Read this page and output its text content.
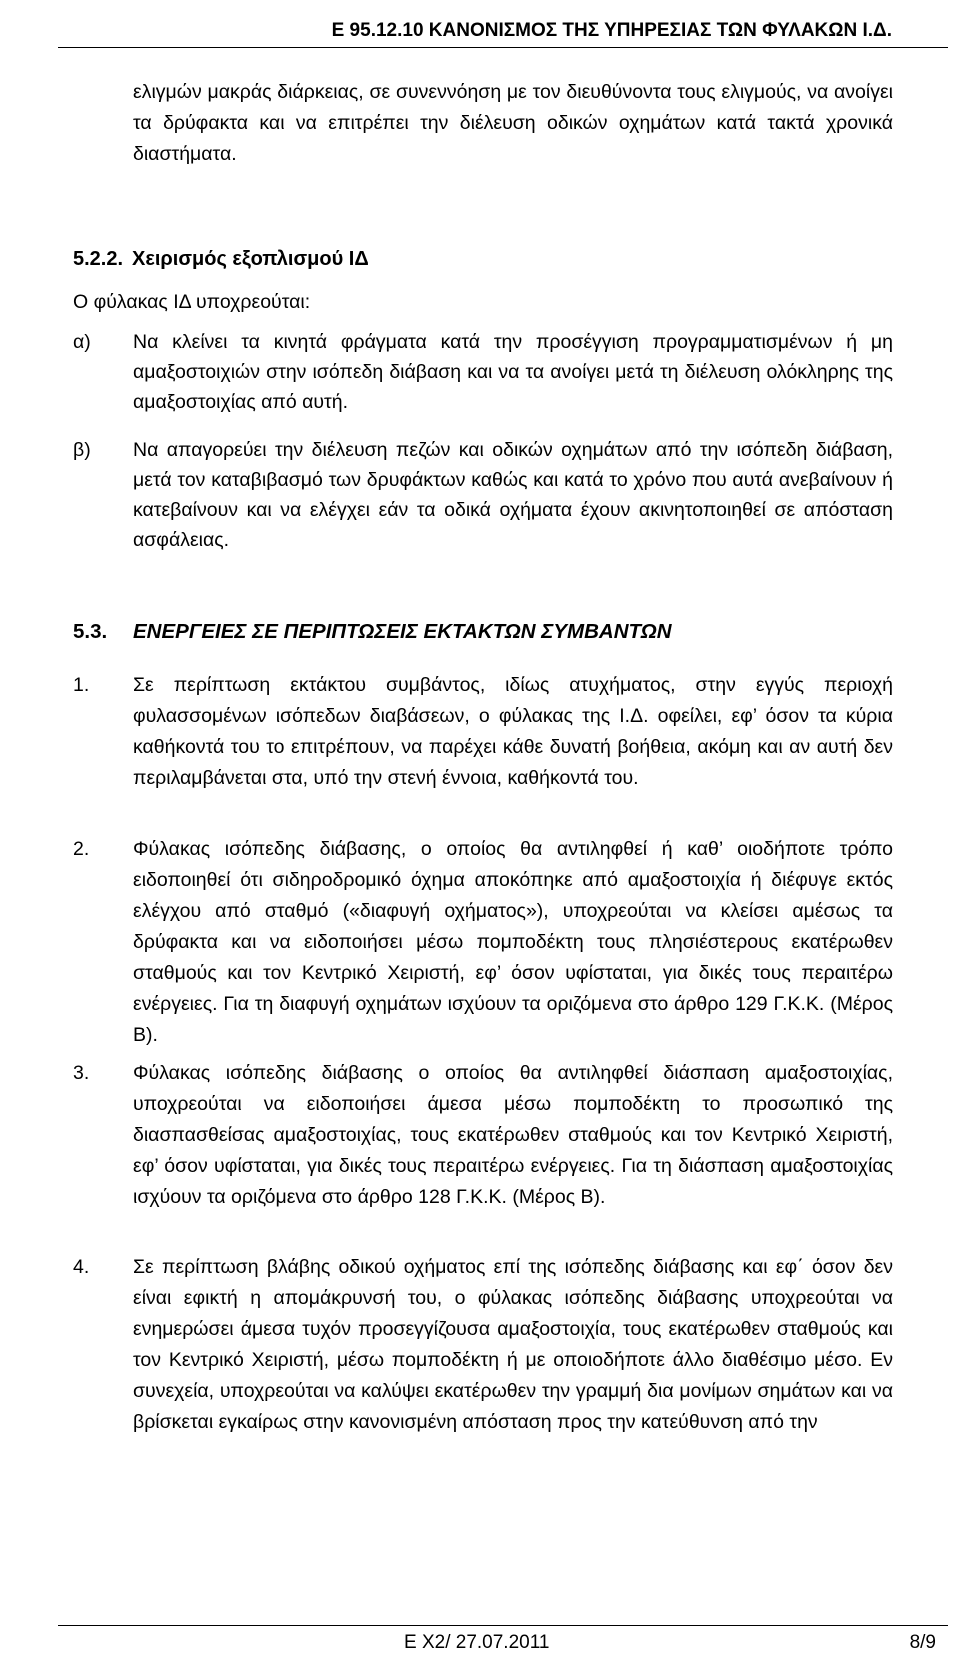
Ε 95.12.10 ΚΑΝΟΝΙΣΜΟΣ ΤΗΣ ΥΠΗΡΕΣΙΑΣ ΤΩΝ ΦΥΛΑΚΩΝ Ι.Δ.
ελιγμών μακράς διάρκειας, σε συνεννόηση με τον διευθύνοντα τους ελιγμούς, να ανοίγει τα δρύφακτα και να επιτρέπει την διέλευση οδικών οχημάτων κατά τακτά χρονικά διαστήματα.
5.2.2. Χειρισμός εξοπλισμού ΙΔ
Ο φύλακας ΙΔ υποχρεούται:
α) Να κλείνει τα κινητά φράγματα κατά την προσέγγιση προγραμματισμένων ή μη αμαξοστοιχιών στην ισόπεδη διάβαση και να τα ανοίγει μετά τη διέλευση ολόκληρης της αμαξοστοιχίας από αυτή.
β) Να απαγορεύει την διέλευση πεζών και οδικών οχημάτων από την ισόπεδη διάβαση, μετά τον καταβιβασμό των δρυφάκτων καθώς και κατά το χρόνο που αυτά ανεβαίνουν ή κατεβαίνουν και να ελέγχει εάν τα οδικά οχήματα έχουν ακινητοποιηθεί σε απόσταση ασφάλειας.
5.3. ΕΝΕΡΓΕΙΕΣ ΣΕ ΠΕΡΙΠΤΩΣΕΙΣ ΕΚΤΑΚΤΩΝ ΣΥΜΒΑΝΤΩΝ
1. Σε περίπτωση εκτάκτου συμβάντος, ιδίως ατυχήματος, στην εγγύς περιοχή φυλασσομένων ισόπεδων διαβάσεων, ο φύλακας της Ι.Δ. οφείλει, εφ’ όσον τα κύρια καθήκοντά του το επιτρέπουν, να παρέχει κάθε δυνατή βοήθεια, ακόμη και αν αυτή δεν περιλαμβάνεται στα, υπό την στενή έννοια, καθήκοντά του.
2. Φύλακας ισόπεδης διάβασης, ο οποίος θα αντιληφθεί ή καθ’ οιοδήποτε τρόπο ειδοποιηθεί ότι σιδηροδρομικό όχημα αποκόπηκε από αμαξοστοιχία ή διέφυγε εκτός ελέγχου από σταθμό («διαφυγή οχήματος»), υποχρεούται να κλείσει αμέσως τα δρύφακτα και να ειδοποιήσει μέσω πομποδέκτη τους πλησιέστερους εκατέρωθεν σταθμούς και τον Κεντρικό Χειριστή, εφ’ όσον υφίσταται, για δικές τους περαιτέρω ενέργειες. Για τη διαφυγή οχημάτων ισχύουν τα οριζόμενα στο άρθρο 129 Γ.Κ.Κ. (Μέρος Β).
3. Φύλακας ισόπεδης διάβασης ο οποίος θα αντιληφθεί διάσπαση αμαξοστοιχίας, υποχρεούται να ειδοποιήσει άμεσα μέσω πομποδέκτη το προσωπικό της διασπασθείσας αμαξοστοιχίας, τους εκατέρωθεν σταθμούς και τον Κεντρικό Χειριστή, εφ’ όσον υφίσταται, για δικές τους περαιτέρω ενέργειες. Για τη διάσπαση αμαξοστοιχίας ισχύουν τα οριζόμενα στο άρθρο 128 Γ.Κ.Κ. (Μέρος Β).
4. Σε περίπτωση βλάβης οδικού οχήματος επί της ισόπεδης διάβασης και εφ΄ όσον δεν είναι εφικτή η απομάκρυνσή του, ο φύλακας ισόπεδης διάβασης υποχρεούται να ενημερώσει άμεσα τυχόν προσεγγίζουσα αμαξοστοιχία, τους εκατέρωθεν σταθμούς και τον Κεντρικό Χειριστή, μέσω πομποδέκτη ή με οποιοδήποτε άλλο διαθέσιμο μέσο. Εν συνεχεία, υποχρεούται να καλύψει εκατέρωθεν την γραμμή δια μονίμων σημάτων και να βρίσκεται εγκαίρως στην κανονισμένη απόσταση προς την κατεύθυνση από την
Ε Χ2/ 27.07.2011	8/9
